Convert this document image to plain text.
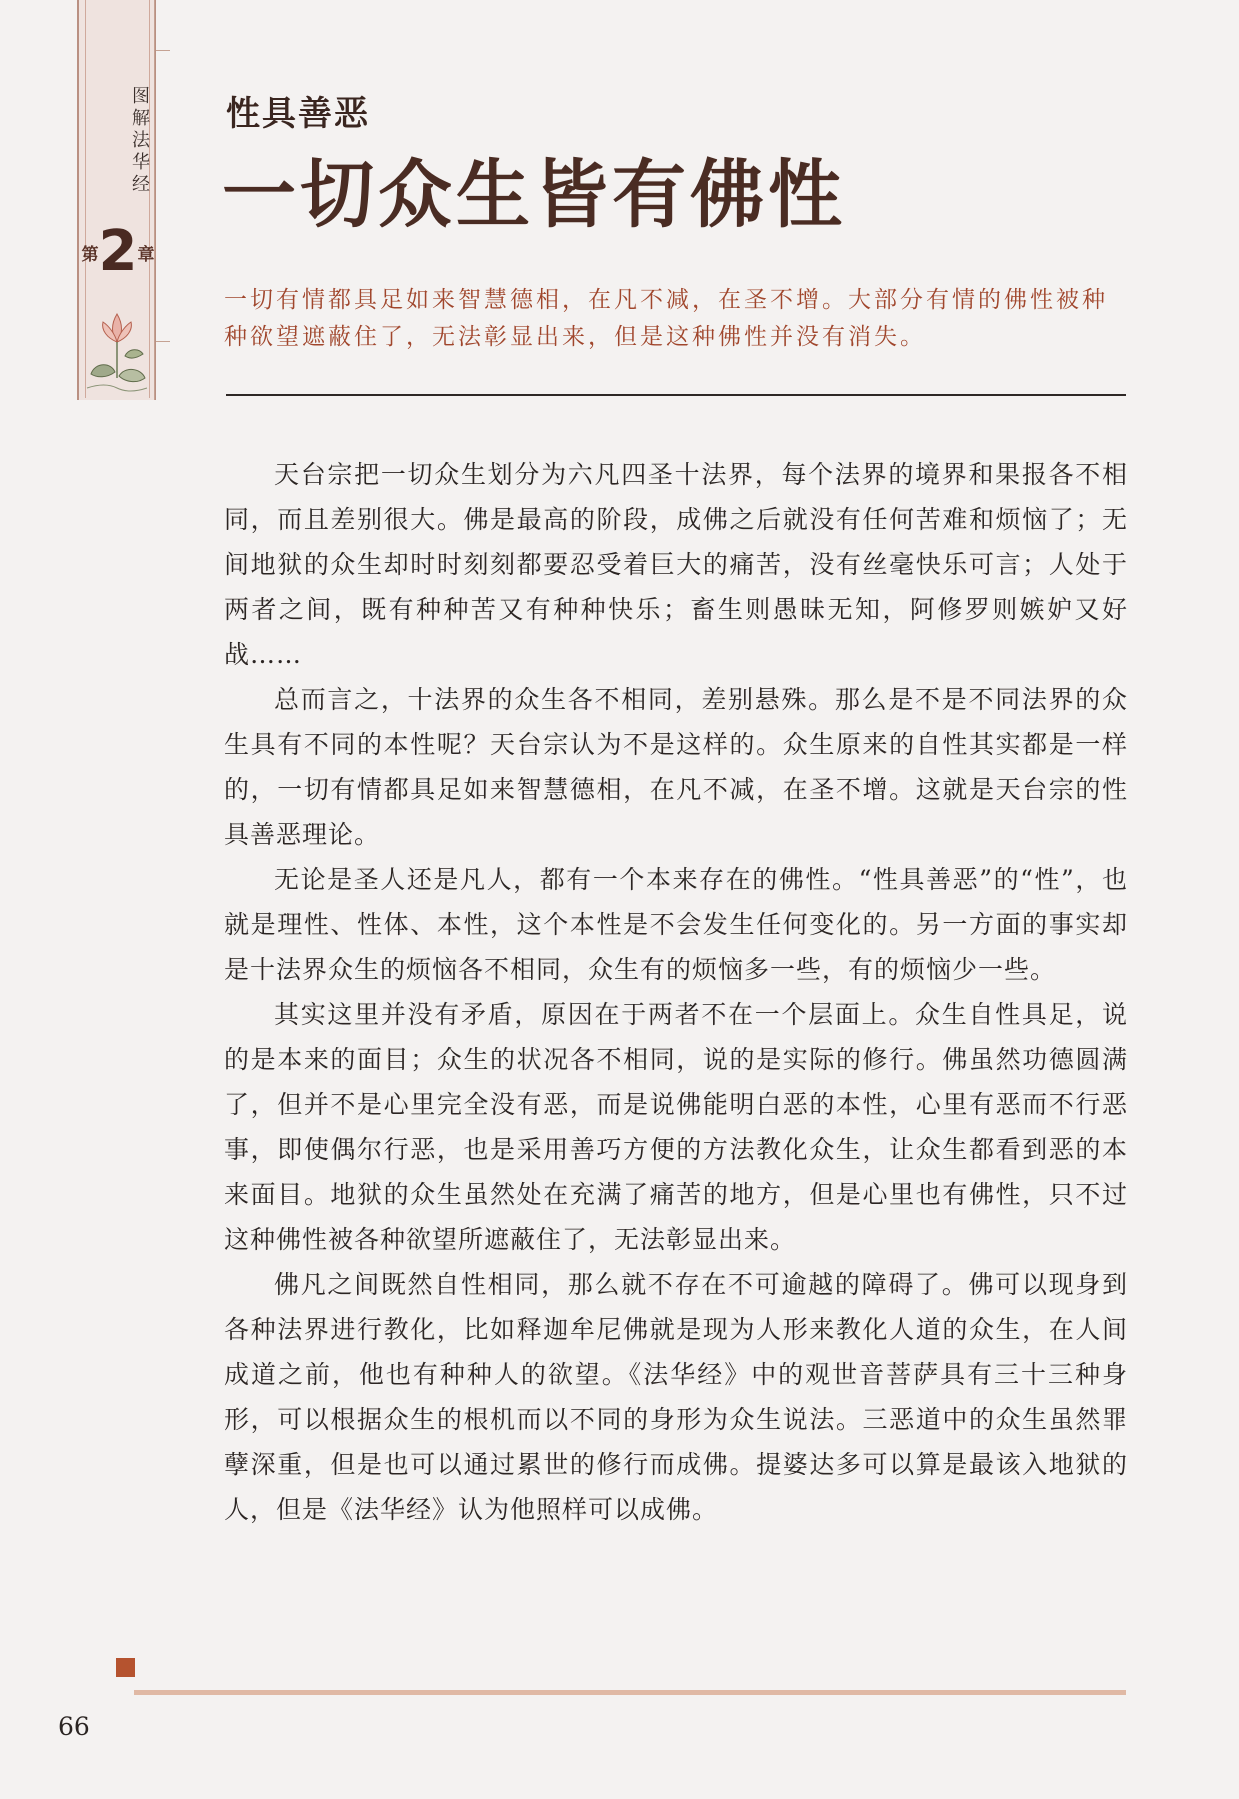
图解法华经
第2章
性具善恶
一切众生皆有佛性
一切有情都具足如来智慧德相，在凡不减，在圣不增。大部分有情的佛性被种种欲望遮蔽住了，无法彰显出来，但是这种佛性并没有消失。

天台宗把一切众生划分为六凡四圣十法界，每个法界的境界和果报各不相同，而且差别很大。佛是最高的阶段，成佛之后就没有任何苦难和烦恼了；无间地狱的众生却时时刻刻都要忍受着巨大的痛苦，没有丝毫快乐可言；人处于两者之间，既有种种苦又有种种快乐；畜生则愚昧无知，阿修罗则嫉妒又好战……

总而言之，十法界的众生各不相同，差别悬殊。那么是不是不同法界的众生具有不同的本性呢？天台宗认为不是这样的。众生原来的自性其实都是一样的，一切有情都具足如来智慧德相，在凡不减，在圣不增。这就是天台宗的性具善恶理论。

无论是圣人还是凡人，都有一个本来存在的佛性。“性具善恶”的“性”，也就是理性、性体、本性，这个本性是不会发生任何变化的。另一方面的事实却是十法界众生的烦恼各不相同，众生有的烦恼多一些，有的烦恼少一些。

其实这里并没有矛盾，原因在于两者不在一个层面上。众生自性具足，说的是本来的面目；众生的状况各不相同，说的是实际的修行。佛虽然功德圆满了，但并不是心里完全没有恶，而是说佛能明白恶的本性，心里有恶而不行恶事，即使偶尔行恶，也是采用善巧方便的方法教化众生，让众生都看到恶的本来面目。地狱的众生虽然处在充满了痛苦的地方，但是心里也有佛性，只不过这种佛性被各种欲望所遮蔽住了，无法彰显出来。

佛凡之间既然自性相同，那么就不存在不可逾越的障碍了。佛可以现身到各种法界进行教化，比如释迦牟尼佛就是现为人形来教化人道的众生，在人间成道之前，他也有种种人的欲望。《法华经》中的观世音菩萨具有三十三种身形，可以根据众生的根机而以不同的身形为众生说法。三恶道中的众生虽然罪孽深重，但是也可以通过累世的修行而成佛。提婆达多可以算是最该入地狱的人，但是《法华经》认为他照样可以成佛。

66
